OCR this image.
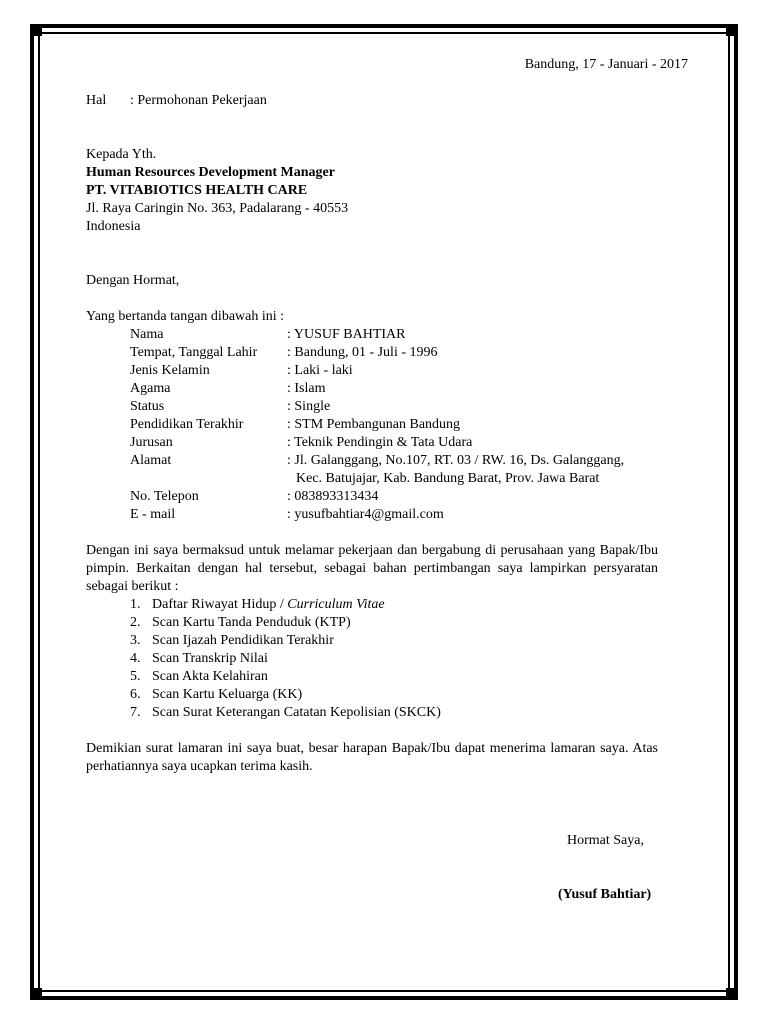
Bandung, 17 - Januari - 2017
Hal : Permohonan Pekerjaan
Kepada Yth.
Human Resources Development Manager
PT. VITABIOTICS HEALTH CARE
Jl. Raya Caringin No. 363, Padalarang - 40553
Indonesia
Dengan Hormat,
Yang bertanda tangan dibawah ini :
Nama	: YUSUF BAHTIAR
Tempat, Tanggal Lahir : Bandung, 01 - Juli - 1996
Jenis Kelamin	: Laki - laki
Agama	: Islam
Status	: Single
Pendidikan Terakhir	: STM Pembangunan Bandung
Jurusan	: Teknik Pendingin & Tata Udara
Alamat	: Jl. Galanggang, No.107, RT. 03 / RW. 16, Ds. Galanggang,
Kec. Batujajar, Kab. Bandung Barat, Prov. Jawa Barat
No. Telepon	: 083893313434
E - mail	: yusufbahtiar4@gmail.com
Dengan ini saya bermaksud untuk melamar pekerjaan dan bergabung di perusahaan yang Bapak/Ibu pimpin. Berkaitan dengan hal tersebut, sebagai bahan pertimbangan saya lampirkan persyaratan sebagai berikut :
1. Daftar Riwayat Hidup / Curriculum Vitae
2. Scan Kartu Tanda Penduduk (KTP)
3. Scan Ijazah Pendidikan Terakhir
4. Scan Transkrip Nilai
5. Scan Akta Kelahiran
6. Scan Kartu Keluarga (KK)
7. Scan Surat Keterangan Catatan Kepolisian (SKCK)
Demikian surat lamaran ini saya buat, besar harapan Bapak/Ibu dapat menerima lamaran saya. Atas perhatiannya saya ucapkan terima kasih.
Hormat Saya,
(Yusuf Bahtiar)
